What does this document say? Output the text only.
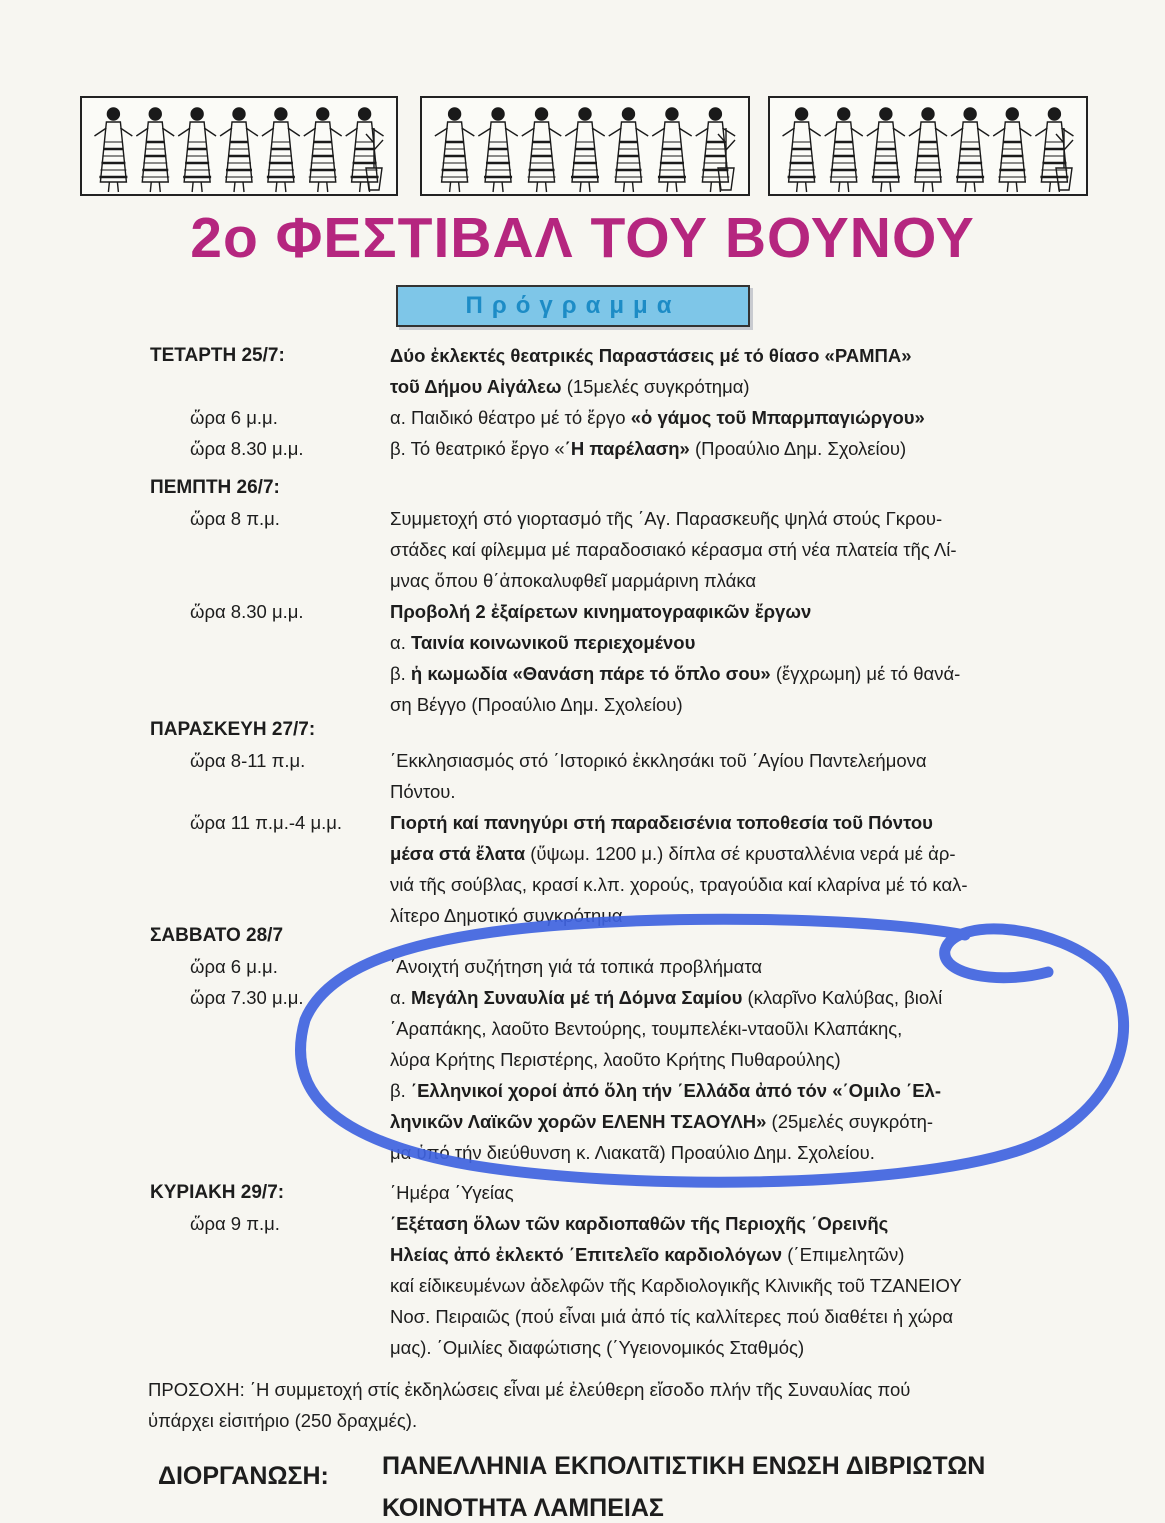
2ο ΦΕΣΤΙΒΑΛ ΤΟΥ ΒΟΥΝΟΥ
Πρόγραμμα
ΤΕΤΑΡΤΗ 25/7:	Δύο ἐκλεκτές θεατρικές Παραστάσεις μέ τό θίασο «ΡΑΜΠΑ»
τοῦ Δήμου Αἰγάλεω (15μελές συγκρότημα)
ὥρα 6 μ.μ.	α. Παιδικό θέατρο μέ τό ἔργο «ὁ γάμος τοῦ Μπαρμπαγιώργου»
ὥρα 8.30 μ.μ.	β. Τό θεατρικό ἔργο «΄Η παρέλαση» (Προαύλιο Δημ. Σχολείου)
ΠΕΜΠΤΗ 26/7:
ὥρα 8 π.μ.	Συμμετοχή στό γιορτασμό τῆς ΄Αγ. Παρασκευῆς ψηλά στούς Γκρου-
στάδες καί φίλεμμα μέ παραδοσιακό κέρασμα στή νέα πλατεία τῆς Λί-
μνας ὅπου θ΄ἀποκαλυφθεῖ μαρμάρινη πλάκα
ὥρα 8.30 μ.μ.	Προβολή 2 ἐξαίρετων κινηματογραφικῶν ἔργων
α. Ταινία κοινωνικοῦ περιεχομένου
β. ἡ κωμωδία «Θανάση πάρε τό ὅπλο σου» (ἔγχρωμη) μέ τό θανά-
ση Βέγγο (Προαύλιο Δημ. Σχολείου)
ΠΑΡΑΣΚΕΥΗ 27/7:
ὥρα 8-11 π.μ.	΄Εκκλησιασμός στό ΄Ιστορικό ἐκκλησάκι τοῦ ΄Αγίου Παντελεήμονα
Πόντου.
ὥρα 11 π.μ.-4 μ.μ.	Γιορτή καί πανηγύρι στή παραδεισένια τοποθεσία τοῦ Πόντου
μέσα στά ἔλατα (ὕψωμ. 1200 μ.) δίπλα σέ κρυσταλλένια νερά μέ ἀρ-
νιά τῆς σούβλας, κρασί κ.λπ. χορούς, τραγούδια καί κλαρίνα μέ τό καλ-
λίτερο Δημοτικό συγκρότημα
ΣΑΒΒΑΤΟ 28/7
ὥρα 6 μ.μ.	΄Ανοιχτή συζήτηση γιά τά τοπικά προβλήματα
ὥρα 7.30 μ.μ.	α. Μεγάλη Συναυλία μέ τή Δόμνα Σαμίου (κλαρῖνο Καλύβας, βιολί
΄Αραπάκης, λαοῦτο Βεντούρης, τουμπελέκι-νταοῦλι Κλαπάκης,
λύρα Κρήτης Περιστέρης, λαοῦτο Κρήτης Πυθαρούλης)
β. ΄Ελληνικοί χοροί ἀπό ὅλη τήν ΄Ελλάδα ἀπό τόν «΄Ομιλο ΄Ελ-
ληνικῶν Λαϊκῶν χορῶν ΕΛΕΝΗ ΤΣΑΟΥΛΗ» (25μελές συγκρότη-
μα ὑπό τήν διεύθυνση κ. Λιακατᾶ) Προαύλιο Δημ. Σχολείου.
ΚΥΡΙΑΚΗ 29/7:	΄Ημέρα ΄Υγείας
ὥρα 9 π.μ.	΄Εξέταση ὅλων τῶν καρδιοπαθῶν τῆς Περιοχῆς ΄Ορεινῆς
Ηλείας ἀπό ἐκλεκτό ΄Επιτελεῖο καρδιολόγων (΄Επιμελητῶν)
καί είδικευμένων ἀδελφῶν τῆς Καρδιολογικῆς Κλινικῆς τοῦ ΤΖΑΝΕΙΟΥ
Νοσ. Πειραιῶς (πού εἶναι μιά ἀπό τίς καλλίτερες πού διαθέτει ἡ χώρα
μας). ΄Ομιλίες διαφώτισης (΄Υγειονομικός Σταθμός)
ΠΡΟΣΟΧΗ: ΄Η συμμετοχή στίς ἐκδηλώσεις εἶναι μέ ἐλεύθερη εἴσοδο πλήν τῆς Συναυλίας πού
ὑπάρχει εἰσιτήριο (250 δραχμές).
ΔΙΟΡΓΑΝΩΣΗ: ΠΑΝΕΛΛΗΝΙΑ ΕΚΠΟΛΙΤΙΣΤΙΚΗ ΕΝΩΣΗ ΔΙΒΡΙΩΤΩΝ
ΚΟΙΝΟΤΗΤΑ ΛΑΜΠΕΙΑΣ
